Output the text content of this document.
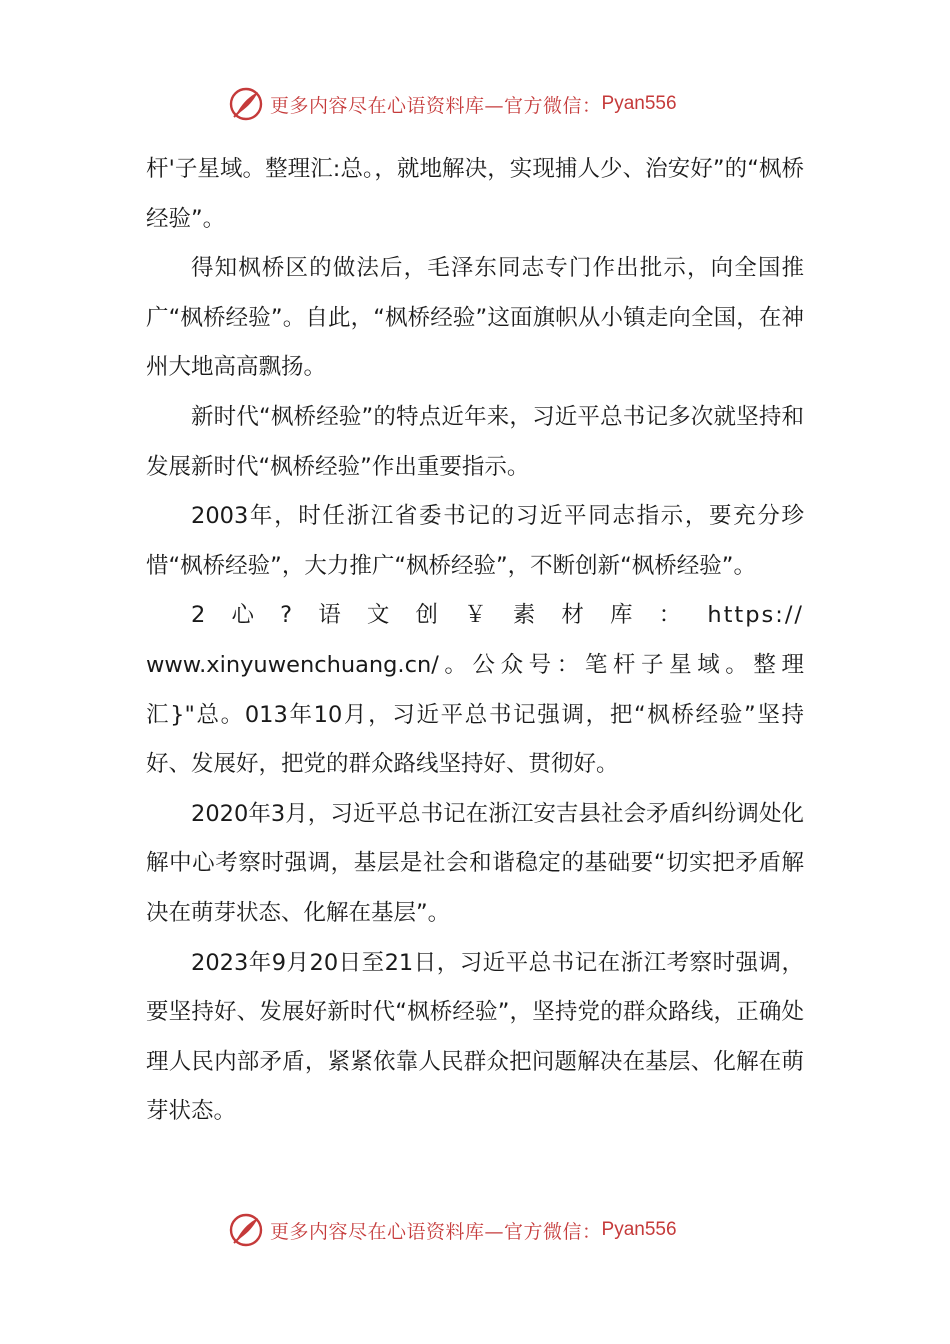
更多内容尽在心语资料库—官方微信： Pyan556

杆'子星域。整理汇:总。，就地解决，实现捕人少、治安好”的“枫桥经验”。

得知枫桥区的做法后，毛泽东同志专门作出批示，向全国推广“枫桥经验”。自此，“枫桥经验”这面旗帜从小镇走向全国，在神州大地高高飘扬。

新时代“枫桥经验”的特点近年来，习近平总书记多次就坚持和发展新时代“枫桥经验”作出重要指示。

2003年，时任浙江省委书记的习近平同志指示，要充分珍惜“枫桥经验”，大力推广“枫桥经验”，不断创新“枫桥经验”。

2心?语文创￥素材库：https://

www.xinyuwenchuang.cn/。公众号：笔杆子星域。整理汇}"总。013年10月，习近平总书记强调，把“枫桥经验”坚持好、发展好，把党的群众路线坚持好、贯彻好。

2020年3月，习近平总书记在浙江安吉县社会矛盾纠纷调处化解中心考察时强调，基层是社会和谐稳定的基础要“切实把矛盾解决在萌芽状态、化解在基层”。

2023年9月20日至21日，习近平总书记在浙江考察时强调，要坚持好、发展好新时代“枫桥经验”，坚持党的群众路线，正确处理人民内部矛盾，紧紧依靠人民群众把问题解决在基层、化解在萌芽状态。

更多内容尽在心语资料库—官方微信： Pyan556
